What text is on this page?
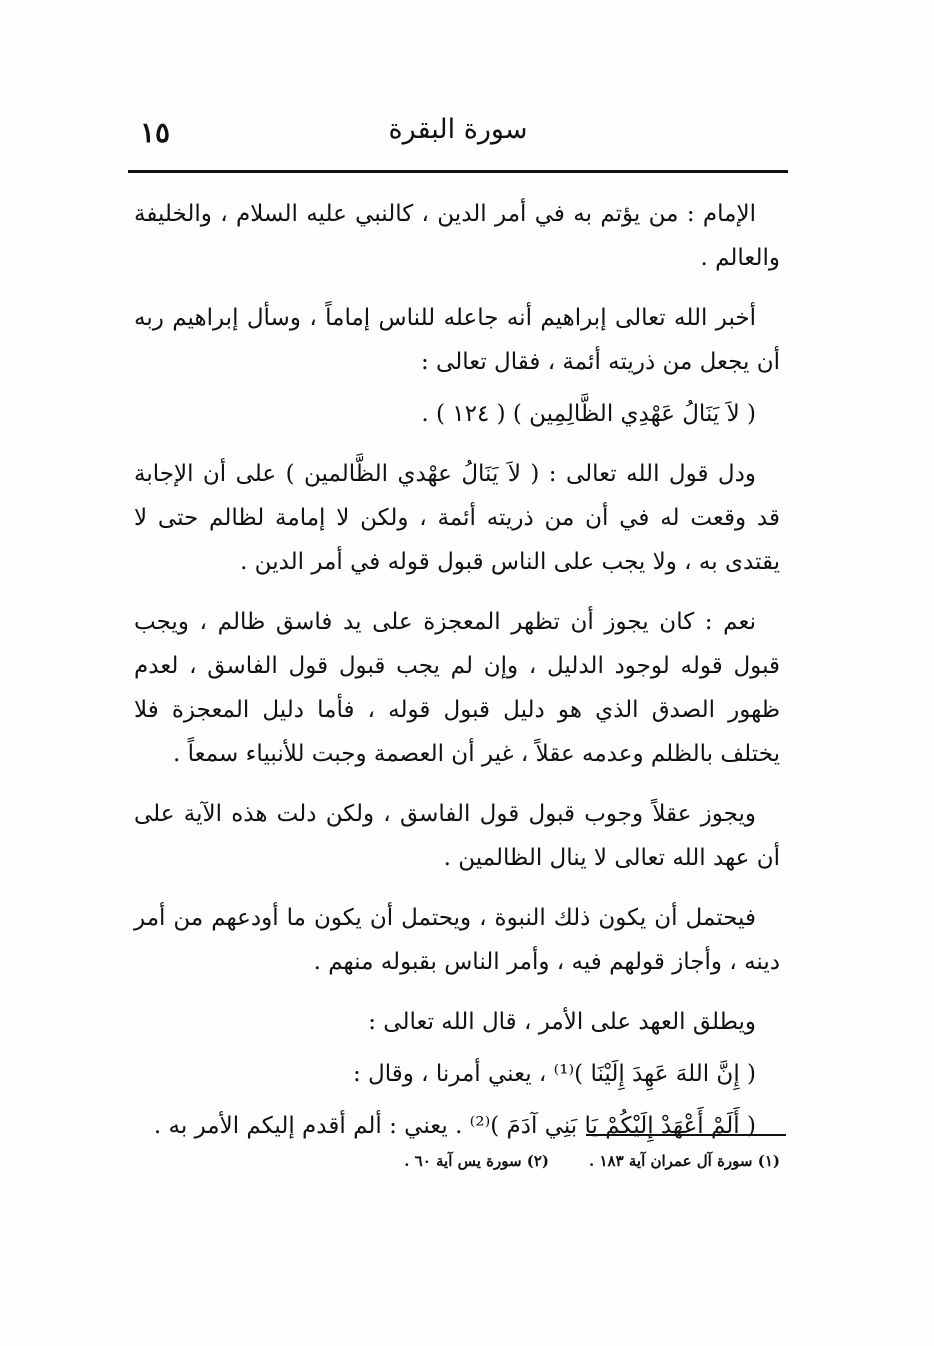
١٥	سورة البقرة

الإمام : من يؤتم به في أمر الدين ، كالنبي عليه السلام ، والخليفة والعالم .

أخبر الله تعالى إبراهيم أنه جاعله للناس إماماً ، وسأل إبراهيم ربه أن يجعل من ذريته أئمة ، فقال تعالى :

( لاَ يَنَالُ عَهْدِي الظَّالِمِين ) ( ١٢٤ ) .

ودل قول الله تعالى : ( لاَ يَنَالُ عهْدي الظَّالمين ) على أن الإجابة قد وقعت له في أن من ذريته أئمة ، ولكن لا إمامة لظالم حتى لا يقتدى به ، ولا يجب على الناس قبول قوله في أمر الدين .

نعم : كان يجوز أن تظهر المعجزة على يد فاسق ظالم ، ويجب قبول قوله لوجود الدليل ، وإن لم يجب قبول قول الفاسق ، لعدم ظهور الصدق الذي هو دليل قبول قوله ، فأما دليل المعجزة فلا يختلف بالظلم وعدمه عقلاً ، غير أن العصمة وجبت للأنبياء سمعاً .

ويجوز عقلاً وجوب قبول قول الفاسق ، ولكن دلت هذه الآية على أن عهد الله تعالى لا ينال الظالمين .

فيحتمل أن يكون ذلك النبوة ، ويحتمل أن يكون ما أودعهم من أمر دينه ، وأجاز قولهم فيه ، وأمر الناس بقبوله منهم .

ويطلق العهد على الأمر ، قال الله تعالى :

( إِنَّ اللهَ عَهِدَ إِلَيْنَا )⁽¹⁾ ، يعني أمرنا ، وقال :

( أَلَمْ أَعْهَدْ إِلَيْكُمْ يَا بَنِي آدَمَ )⁽²⁾ . يعني : ألم أقدم إليكم الأمر به .

(١) سورة آل عمران آية ١٨٣ .
(٢) سورة يس آية ٦٠ .
